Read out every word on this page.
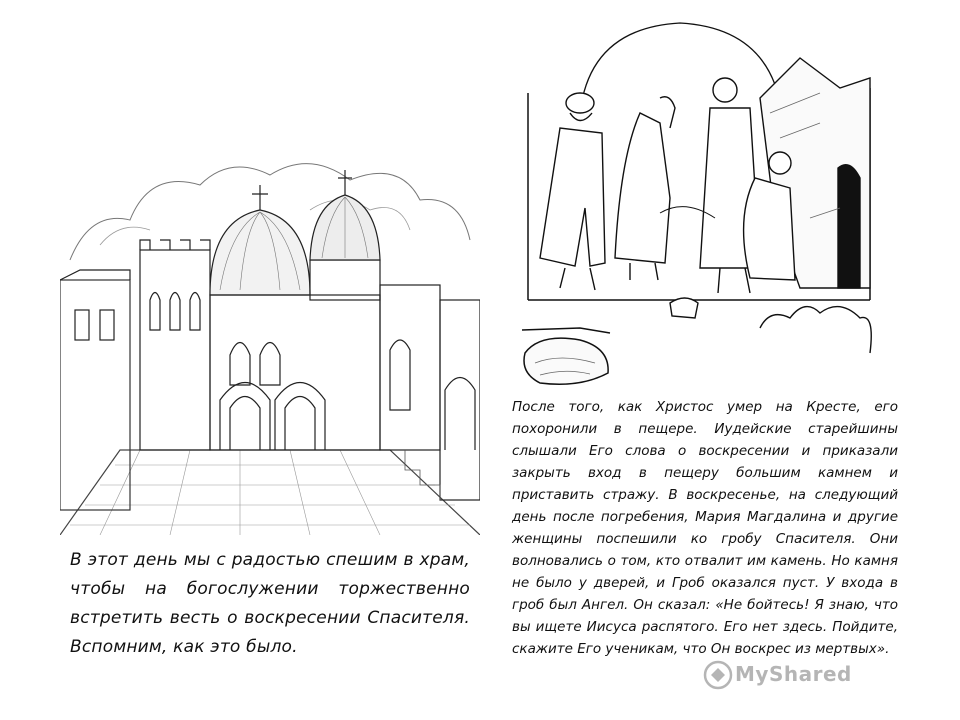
В этот день мы с радостью спешим в храм, чтобы на богослужении торжественно встретить весть о воскресении Спасителя. Вспомним, как это было.
После того, как Христос умер на Кресте, его похоронили в пещере. Иудейские старейшины слышали Его слова о воскресении и приказали закрыть вход в пещеру большим камнем и приставить стражу. В воскресенье, на следующий день после погребения, Мария Магдалина и другие женщины поспешили ко гробу Спасителя. Они волновались о том, кто отвалит им камень. Но камня не было у дверей, и Гроб оказался пуст. У входа в гроб был Ангел. Он сказал: «Не бойтесь! Я знаю, что вы ищете Иисуса распятого. Его нет здесь. Пойдите, скажите Его ученикам, что Он воскрес из мертвых».
MyShared
